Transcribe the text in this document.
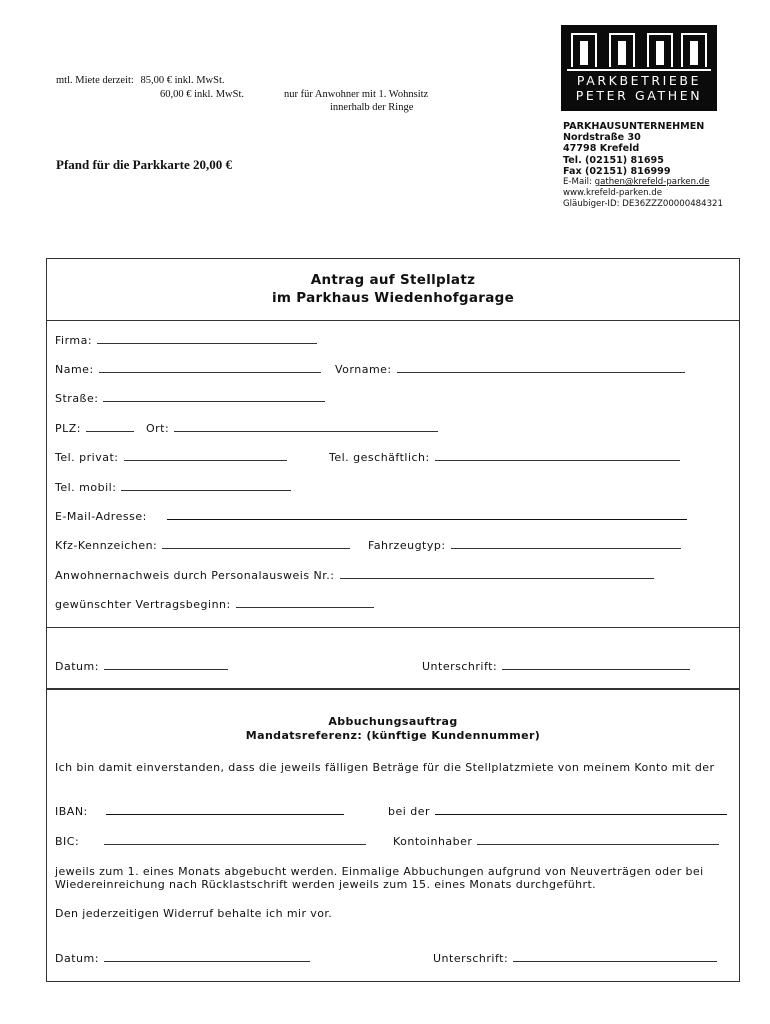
mtl. Miete derzeit: 85,00 € inkl. MwSt.
60,00 € inkl. MwSt.	nur für Anwohner mit 1. Wohnsitz
innerhalb der Ringe
Pfand für die Parkkarte 20,00 €
PARKBETRIEBE
PETER GATHEN
PARKHAUSUNTERNEHMEN
Nordstraße 30
47798 Krefeld
Tel. (02151) 81695
Fax (02151) 816999
E-Mail: gathen@krefeld-parken.de
www.krefeld-parken.de
Gläubiger-ID: DE36ZZZ00000484321
Antrag auf Stellplatz
im Parkhaus Wiedenhofgarage
Firma:
Name:	Vorname:
Straße:
PLZ:	Ort:
Tel. privat:	Tel. geschäftlich:
Tel. mobil:
E-Mail-Adresse:
Kfz-Kennzeichen:	Fahrzeugtyp:
Anwohnernachweis durch Personalausweis Nr.:
gewünschter Vertragsbeginn:
Datum:	Unterschrift:
Abbuchungsauftrag
Mandatsreferenz: (künftige Kundennummer)
Ich bin damit einverstanden, dass die jeweils fälligen Beträge für die Stellplatzmiete von meinem Konto mit der
IBAN:	bei der
BIC:	Kontoinhaber
jeweils zum 1. eines Monats abgebucht werden. Einmalige Abbuchungen aufgrund von Neuverträgen oder bei Wiedereinreichung nach Rücklastschrift werden jeweils zum 15. eines Monats durchgeführt.
Den jederzeitigen Widerruf behalte ich mir vor.
Datum:	Unterschrift:
